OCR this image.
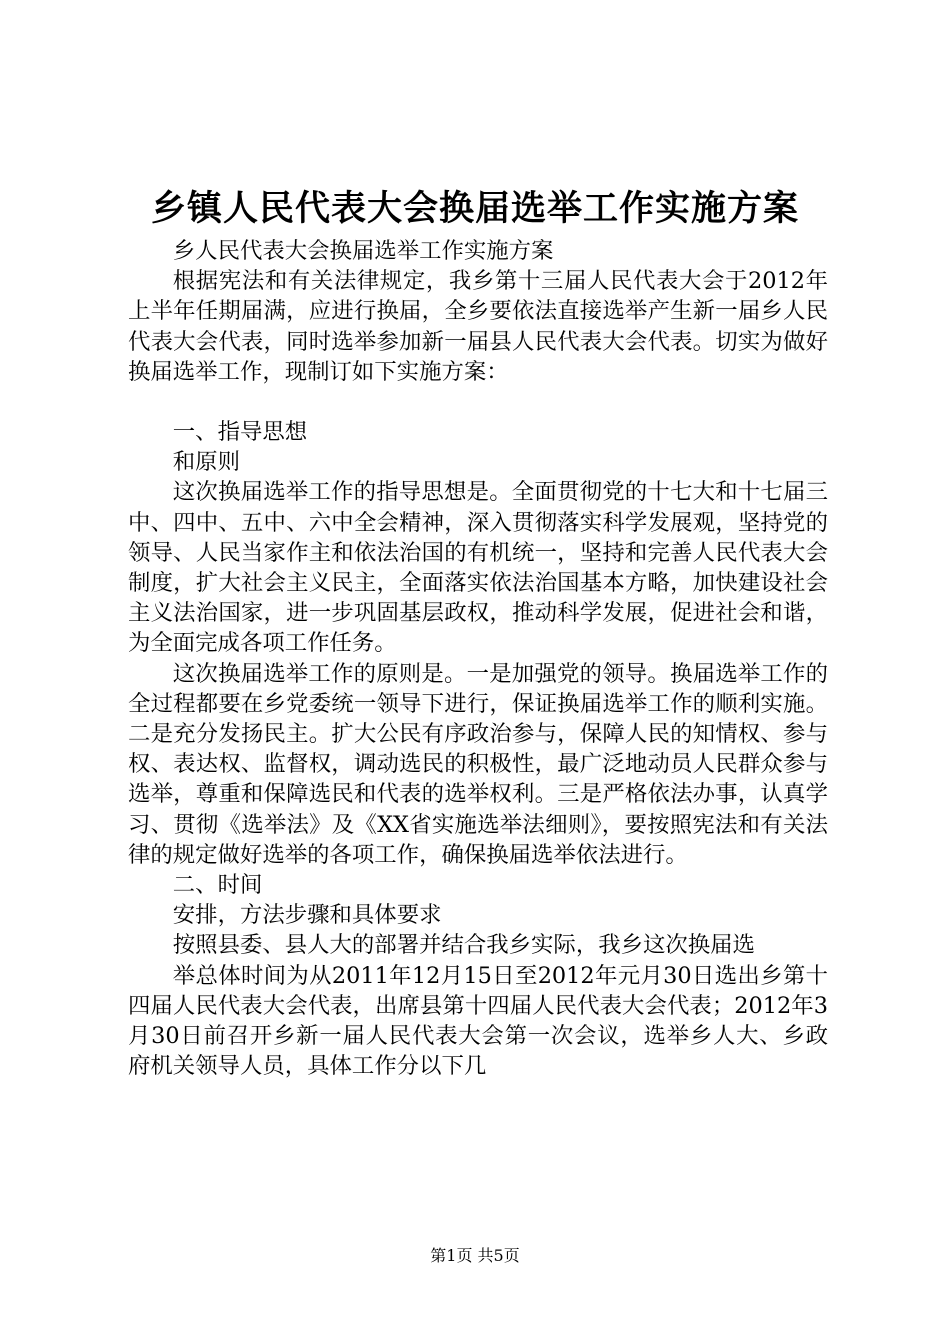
乡镇人民代表大会换届选举工作实施方案

乡人民代表大会换届选举工作实施方案

根据宪法和有关法律规定，我乡第十三届人民代表大会于2012年上半年任期届满，应进行换届，全乡要依法直接选举产生新一届乡人民代表大会代表，同时选举参加新一届县人民代表大会代表。切实为做好换届选举工作，现制订如下实施方案：

一、指导思想

和原则

这次换届选举工作的指导思想是。全面贯彻党的十七大和十七届三中、四中、五中、六中全会精神，深入贯彻落实科学发展观，坚持党的领导、人民当家作主和依法治国的有机统一，坚持和完善人民代表大会制度，扩大社会主义民主，全面落实依法治国基本方略，加快建设社会主义法治国家，进一步巩固基层政权，推动科学发展，促进社会和谐，为全面完成各项工作任务。

这次换届选举工作的原则是。一是加强党的领导。换届选举工作的全过程都要在乡党委统一领导下进行，保证换届选举工作的顺利实施。二是充分发扬民主。扩大公民有序政治参与，保障人民的知情权、参与权、表达权、监督权，调动选民的积极性，最广泛地动员人民群众参与选举，尊重和保障选民和代表的选举权利。三是严格依法办事，认真学习、贯彻《选举法》及《XX省实施选举法细则》，要按照宪法和有关法律的规定做好选举的各项工作，确保换届选举依法进行。

二、时间

安排，方法步骤和具体要求

按照县委、县人大的部署并结合我乡实际，我乡这次换届选

举总体时间为从2011年12月15日至2012年元月30日选出乡第十四届人民代表大会代表，出席县第十四届人民代表大会代表；2012年3月30日前召开乡新一届人民代表大会第一次会议，选举乡人大、乡政府机关领导人员，具体工作分以下几

第1页 共5页
